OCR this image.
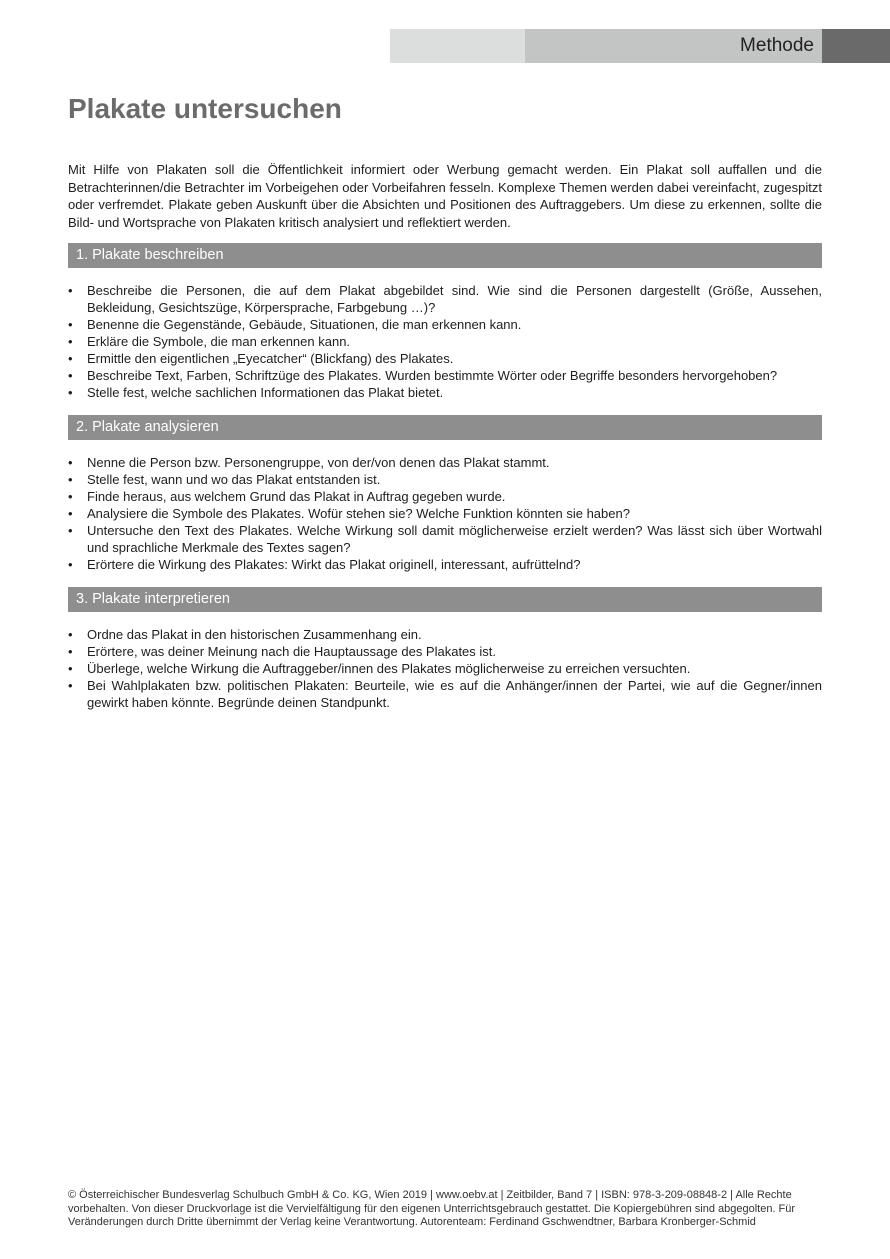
Methode
Plakate untersuchen

Mit Hilfe von Plakaten soll die Öffentlichkeit informiert oder Werbung gemacht werden. Ein Plakat soll auffallen und die Betrachterinnen/die Betrachter im Vorbeigehen oder Vorbeifahren fesseln. Komplexe Themen werden dabei vereinfacht, zugespitzt oder verfremdet. Plakate geben Auskunft über die Absichten und Positionen des Auftraggebers. Um diese zu erkennen, sollte die Bild- und Wortsprache von Plakaten kritisch analysiert und reflektiert werden.

1. Plakate beschreiben
• Beschreibe die Personen, die auf dem Plakat abgebildet sind. Wie sind die Personen dargestellt (Größe, Aussehen, Bekleidung, Gesichtszüge, Körpersprache, Farbgebung …)?
• Benenne die Gegenstände, Gebäude, Situationen, die man erkennen kann.
• Erkläre die Symbole, die man erkennen kann.
• Ermittle den eigentlichen „Eyecatcher“ (Blickfang) des Plakates.
• Beschreibe Text, Farben, Schriftzüge des Plakates. Wurden bestimmte Wörter oder Begriffe besonders hervorgehoben?
• Stelle fest, welche sachlichen Informationen das Plakat bietet.
2. Plakate analysieren
• Nenne die Person bzw. Personengruppe, von der/von denen das Plakat stammt.
• Stelle fest, wann und wo das Plakat entstanden ist.
• Finde heraus, aus welchem Grund das Plakat in Auftrag gegeben wurde.
• Analysiere die Symbole des Plakates. Wofür stehen sie? Welche Funktion könnten sie haben?
• Untersuche den Text des Plakates. Welche Wirkung soll damit möglicherweise erzielt werden? Was lässt sich über Wortwahl und sprachliche Merkmale des Textes sagen?
• Erörtere die Wirkung des Plakates: Wirkt das Plakat originell, interessant, aufrüttelnd?
3. Plakate interpretieren
• Ordne das Plakat in den historischen Zusammenhang ein.
• Erörtere, was deiner Meinung nach die Hauptaussage des Plakates ist.
• Überlege, welche Wirkung die Auftraggeber/innen des Plakates möglicherweise zu erreichen versuchten.
• Bei Wahlplakaten bzw. politischen Plakaten: Beurteile, wie es auf die Anhänger/innen der Partei, wie auf die Gegner/innen gewirkt haben könnte. Begründe deinen Standpunkt.

© Österreichischer Bundesverlag Schulbuch GmbH & Co. KG, Wien 2019 | www.oebv.at | Zeitbilder, Band 7 | ISBN: 978-3-209-08848-2 | Alle Rechte vorbehalten. Von dieser Druckvorlage ist die Vervielfältigung für den eigenen Unterrichtsgebrauch gestattet. Die Kopiergebühren sind abgegolten. Für Veränderungen durch Dritte übernimmt der Verlag keine Verantwortung. Autorenteam: Ferdinand Gschwendtner, Barbara Kronberger-Schmid
